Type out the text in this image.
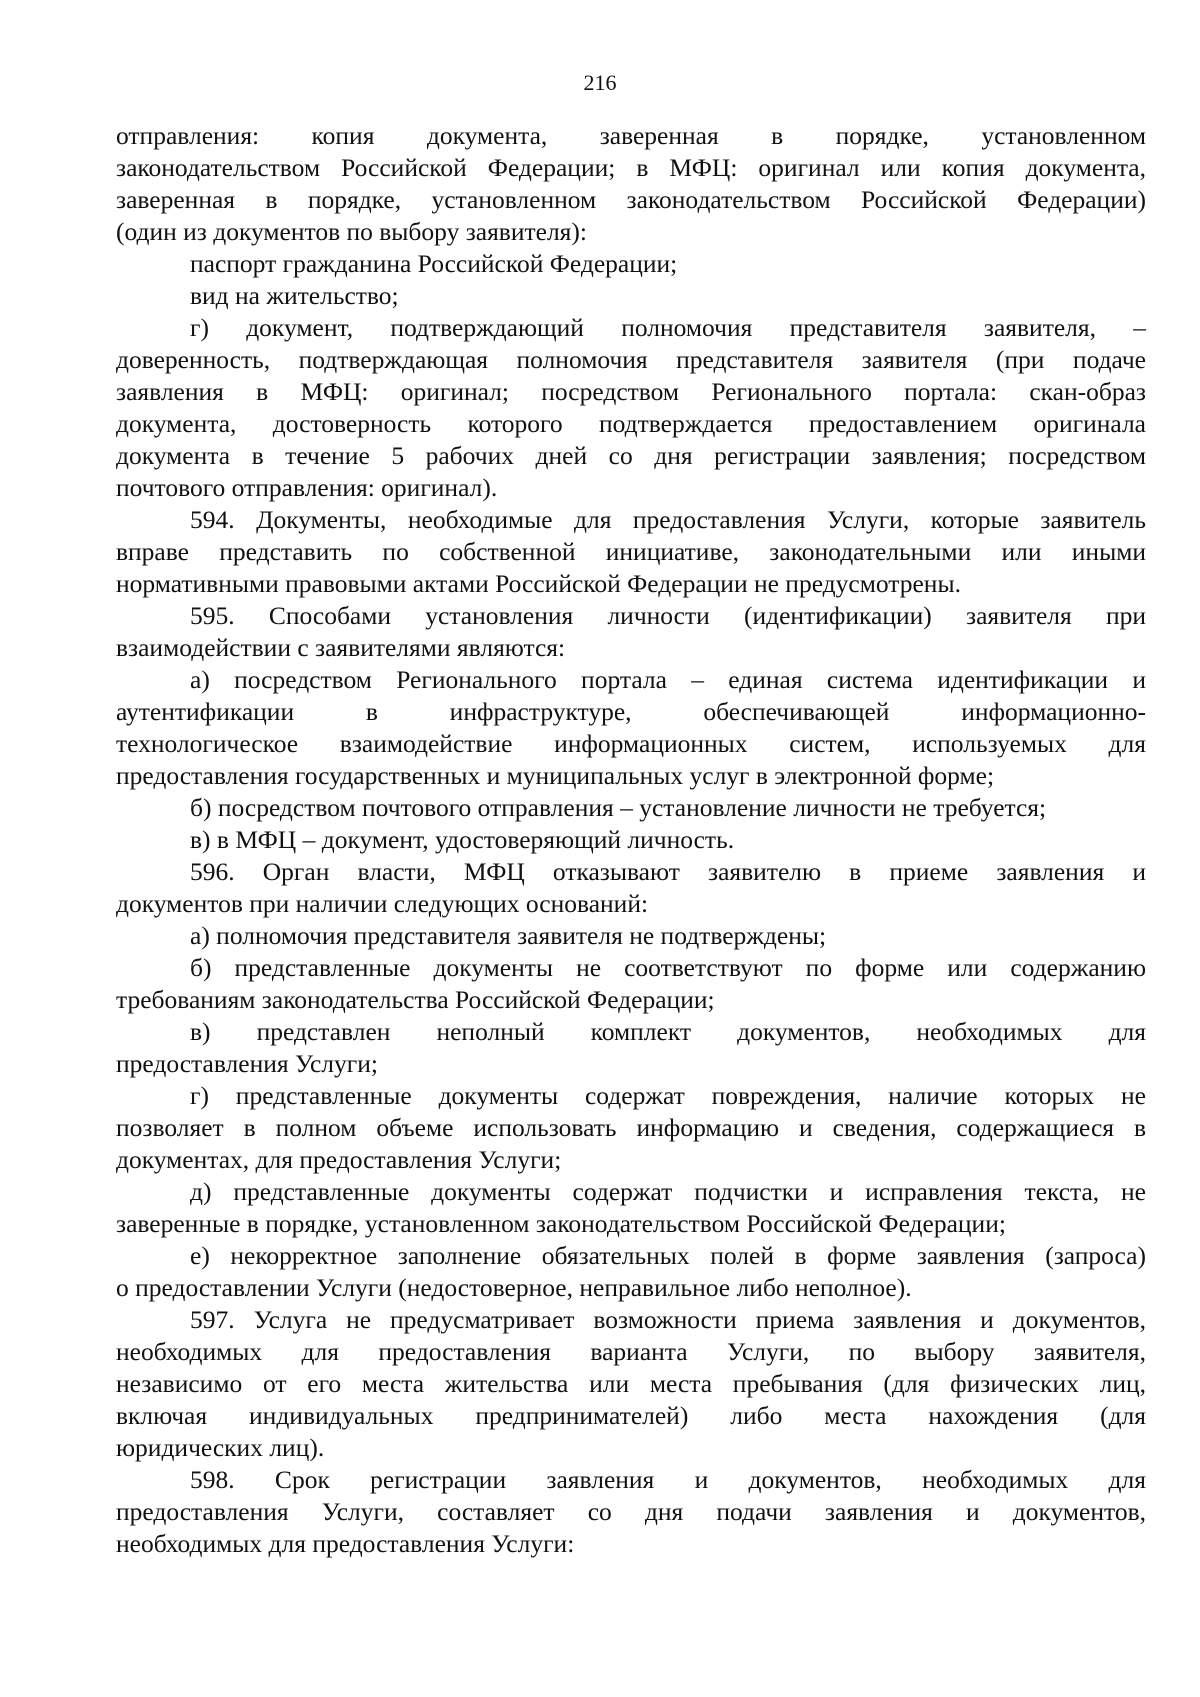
216
отправления: копия документа, заверенная в порядке, установленном
законодательством Российской Федерации; в МФЦ: оригинал или копия документа,
заверенная в порядке, установленном законодательством Российской Федерации)
(один из документов по выбору заявителя):
паспорт гражданина Российской Федерации;
вид на жительство;
г) документ, подтверждающий полномочия представителя заявителя, –
доверенность, подтверждающая полномочия представителя заявителя (при подаче
заявления в МФЦ: оригинал; посредством Регионального портала: скан-образ
документа, достоверность которого подтверждается предоставлением оригинала
документа в течение 5 рабочих дней со дня регистрации заявления; посредством
почтового отправления: оригинал).
594. Документы, необходимые для предоставления Услуги, которые заявитель
вправе представить по собственной инициативе, законодательными или иными
нормативными правовыми актами Российской Федерации не предусмотрены.
595. Способами установления личности (идентификации) заявителя при
взаимодействии с заявителями являются:
а) посредством Регионального портала – единая система идентификации и
аутентификации в инфраструктуре, обеспечивающей информационно-
технологическое взаимодействие информационных систем, используемых для
предоставления государственных и муниципальных услуг в электронной форме;
б) посредством почтового отправления – установление личности не требуется;
в) в МФЦ – документ, удостоверяющий личность.
596. Орган власти, МФЦ отказывают заявителю в приеме заявления и
документов при наличии следующих оснований:
а) полномочия представителя заявителя не подтверждены;
б) представленные документы не соответствуют по форме или содержанию
требованиям законодательства Российской Федерации;
в) представлен неполный комплект документов, необходимых для
предоставления Услуги;
г) представленные документы содержат повреждения, наличие которых не
позволяет в полном объеме использовать информацию и сведения, содержащиеся в
документах, для предоставления Услуги;
д) представленные документы содержат подчистки и исправления текста, не
заверенные в порядке, установленном законодательством Российской Федерации;
е) некорректное заполнение обязательных полей в форме заявления (запроса)
о предоставлении Услуги (недостоверное, неправильное либо неполное).
597. Услуга не предусматривает возможности приема заявления и документов,
необходимых для предоставления варианта Услуги, по выбору заявителя,
независимо от его места жительства или места пребывания (для физических лиц,
включая индивидуальных предпринимателей) либо места нахождения (для
юридических лиц).
598. Срок регистрации заявления и документов, необходимых для
предоставления Услуги, составляет со дня подачи заявления и документов,
необходимых для предоставления Услуги:
